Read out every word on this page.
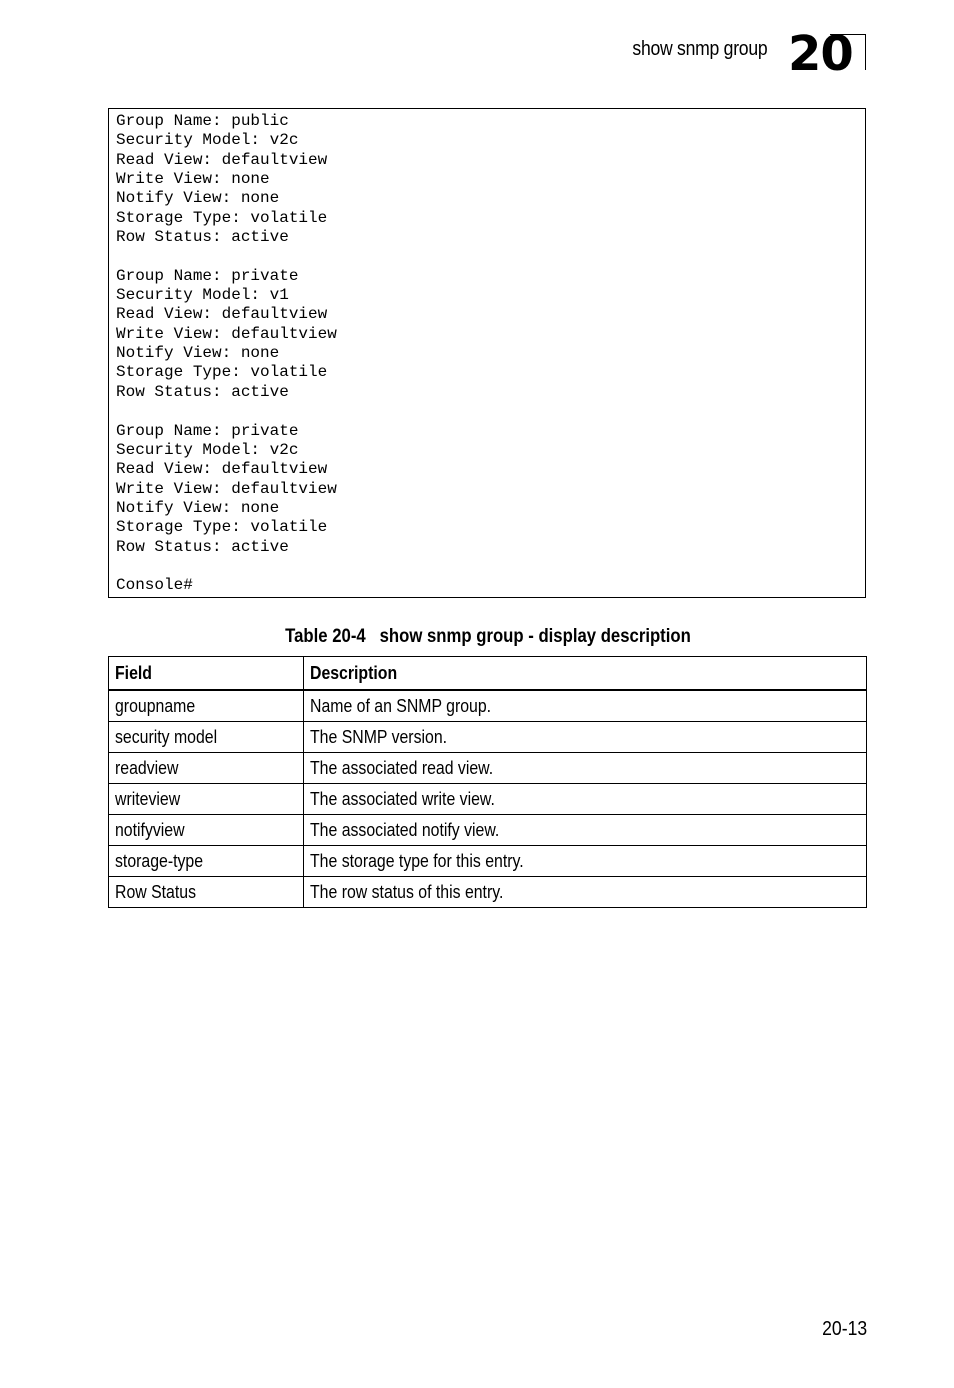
show snmp group 20
Group Name: public
Security Model: v2c
Read View: defaultview
Write View: none
Notify View: none
Storage Type: volatile
Row Status: active
Group Name: private
Security Model: v1
Read View: defaultview
Write View: defaultview
Notify View: none
Storage Type: volatile
Row Status: active
Group Name: private
Security Model: v2c
Read View: defaultview
Write View: defaultview
Notify View: none
Storage Type: volatile
Row Status: active
Console#
Table 20-4   show snmp group - display description
Field	Description
groupname	Name of an SNMP group.
security model	The SNMP version.
readview	The associated read view.
writeview	The associated write view.
notifyview	The associated notify view.
storage-type	The storage type for this entry.
Row Status	The row status of this entry.
20-13
